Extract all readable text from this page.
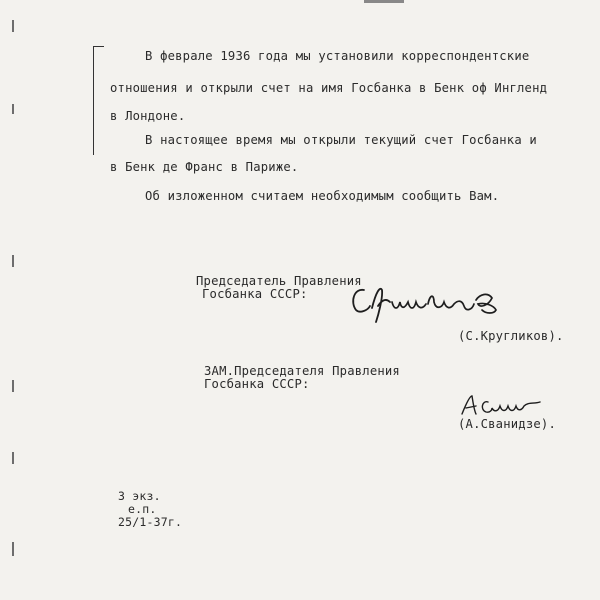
В феврале 1936 года мы установили корреспондентские
отношения и открыли счет на имя Госбанка в Бенк оф Ингленд
в Лондоне.
В настоящее время мы открыли текущий счет Госбанка и
в Бенк де Франс в Париже.
Об изложенном считаем необходимым сообщить Вам.
Председатель Правления
Госбанка СССР:
(С.Кругликов).
ЗАМ.Председателя Правления
Госбанка СССР:
(А.Сванидзе).
3 экз.
е.п.
25/1-37г.
